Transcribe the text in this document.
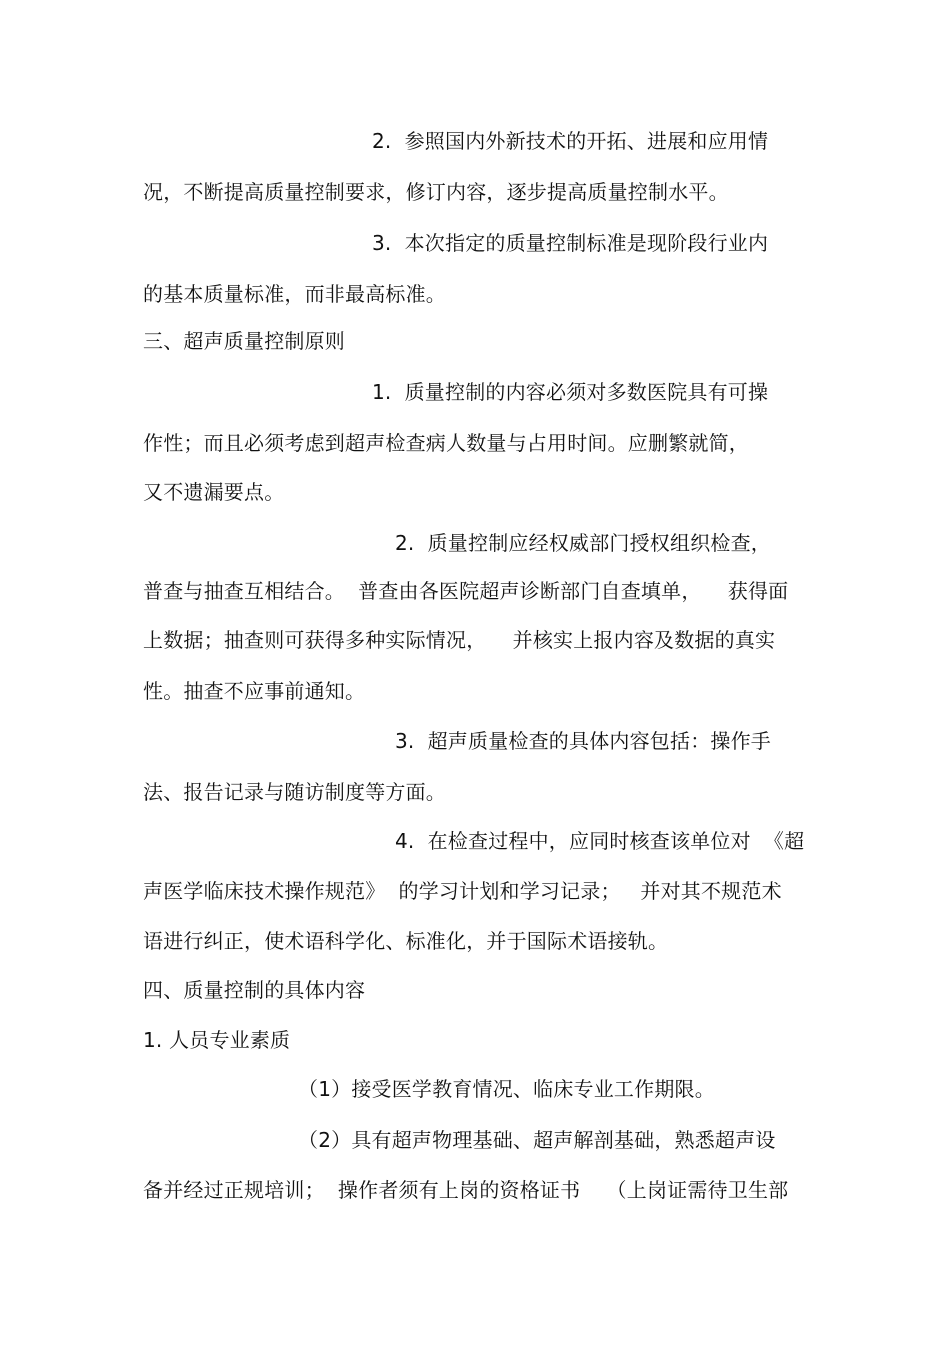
2.  参照国内外新技术的开拓、进展和应用情
况，不断提高质量控制要求，修订内容，逐步提高质量控制水平。
3.  本次指定的质量控制标准是现阶段行业内
的基本质量标准，而非最高标准。
三、超声质量控制原则
1.  质量控制的内容必须对多数医院具有可操
作性；而且必须考虑到超声检查病人数量与占用时间。应删繁就简，
又不遗漏要点。
2.  质量控制应经权威部门授权组织检查，
普查与抽查互相结合。  普查由各医院超声诊断部门自查填单，    获得面
上数据；抽查则可获得多种实际情况，    并核实上报内容及数据的真实
性。抽查不应事前通知。
3.  超声质量检查的具体内容包括：操作手
法、报告记录与随访制度等方面。
4.  在检查过程中，应同时核查该单位对  《超
声医学临床技术操作规范》  的学习计划和学习记录；   并对其不规范术
语进行纠正，使术语科学化、标准化，并于国际术语接轨。
四、质量控制的具体内容
1. 人员专业素质
（1）接受医学教育情况、临床专业工作期限。
（2）具有超声物理基础、超声解剖基础，熟悉超声设
备并经过正规培训；  操作者须有上岗的资格证书    （上岗证需待卫生部
